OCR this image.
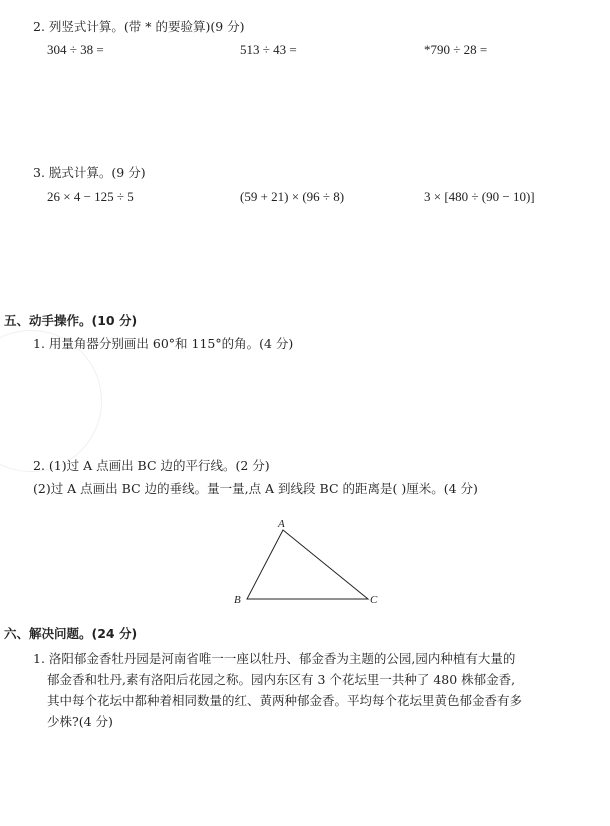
2. 列竖式计算。(带 * 的要验算)(9 分)
304 ÷ 38 =	513 ÷ 43 =	*790 ÷ 28 =
3. 脱式计算。(9 分)
26 × 4 − 125 ÷ 5	(59 + 21) × (96 ÷ 8)	3 × [480 ÷ (90 − 10)]
五、动手操作。(10 分)
1. 用量角器分别画出 60°和 115°的角。(4 分)
2. (1)过 A 点画出 BC 边的平行线。(2 分)
(2)过 A 点画出 BC 边的垂线。量一量,点 A 到线段 BC 的距离是( )厘米。(4 分)
A
B	C
六、解决问题。(24 分)
1. 洛阳郁金香牡丹园是河南省唯一一座以牡丹、郁金香为主题的公园,园内种植有大量的
郁金香和牡丹,素有洛阳后花园之称。园内东区有 3 个花坛里一共种了 480 株郁金香,
其中每个花坛中都种着相同数量的红、黄两种郁金香。平均每个花坛里黄色郁金香有多
少株?(4 分)
